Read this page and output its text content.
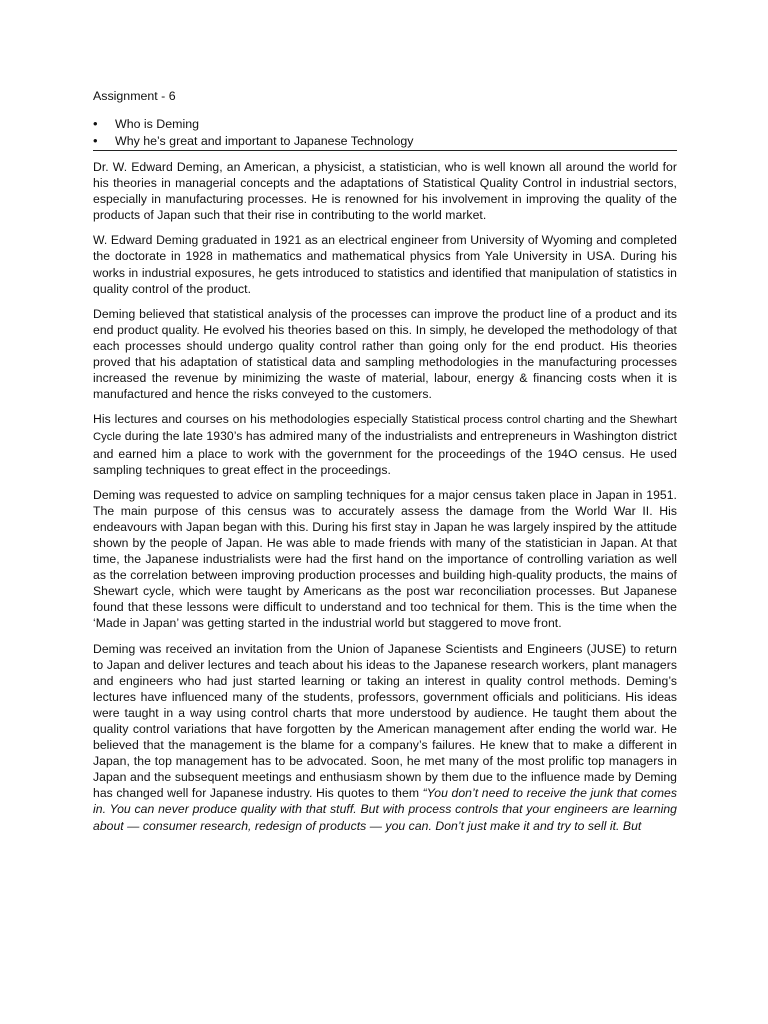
Assignment - 6
• Who is Deming
• Why he’s great and important to Japanese Technology

Dr. W. Edward Deming, an American, a physicist, a statistician, who is well known all around the world for his theories in managerial concepts and the adaptations of Statistical Quality Control in industrial sectors, especially in manufacturing processes. He is renowned for his involvement in improving the quality of the products of Japan such that their rise in contributing to the world market.

W. Edward Deming graduated in 1921 as an electrical engineer from University of Wyoming and completed the doctorate in 1928 in mathematics and mathematical physics from Yale University in USA. During his works in industrial exposures, he gets introduced to statistics and identified that manipulation of statistics in quality control of the product.

Deming believed that statistical analysis of the processes can improve the product line of a product and its end product quality. He evolved his theories based on this. In simply, he developed the methodology of that each processes should undergo quality control rather than going only for the end product. His theories proved that his adaptation of statistical data and sampling methodologies in the manufacturing processes increased the revenue by minimizing the waste of material, labour, energy & financing costs when it is manufactured and hence the risks conveyed to the customers.

His lectures and courses on his methodologies especially Statistical process control charting and the Shewhart Cycle during the late 1930’s has admired many of the industrialists and entrepreneurs in Washington district and earned him a place to work with the government for the proceedings of the 194O census. He used sampling techniques to great effect in the proceedings.

Deming was requested to advice on sampling techniques for a major census taken place in Japan in 1951. The main purpose of this census was to accurately assess the damage from the World War II. His endeavours with Japan began with this. During his first stay in Japan he was largely inspired by the attitude shown by the people of Japan. He was able to made friends with many of the statistician in Japan. At that time, the Japanese industrialists were had the first hand on the importance of controlling variation as well as the correlation between improving production processes and building high-quality products, the mains of Shewart cycle, which were taught by Americans as the post war reconciliation processes. But Japanese found that these lessons were difficult to understand and too technical for them. This is the time when the ‘Made in Japan’ was getting started in the industrial world but staggered to move front.

Deming was received an invitation from the Union of Japanese Scientists and Engineers (JUSE) to return to Japan and deliver lectures and teach about his ideas to the Japanese research workers, plant managers and engineers who had just started learning or taking an interest in quality control methods. Deming’s lectures have influenced many of the students, professors, government officials and politicians. His ideas were taught in a way using control charts that more understood by audience. He taught them about the quality control variations that have forgotten by the American management after ending the world war. He believed that the management is the blame for a company’s failures. He knew that to make a different in Japan, the top management has to be advocated. Soon, he met many of the most prolific top managers in Japan and the subsequent meetings and enthusiasm shown by them due to the influence made by Deming has changed well for Japanese industry. His quotes to them “You don’t need to receive the junk that comes in. You can never produce quality with that stuff. But with process controls that your engineers are learning about — consumer research, redesign of products — you can. Don’t just make it and try to sell it. But
